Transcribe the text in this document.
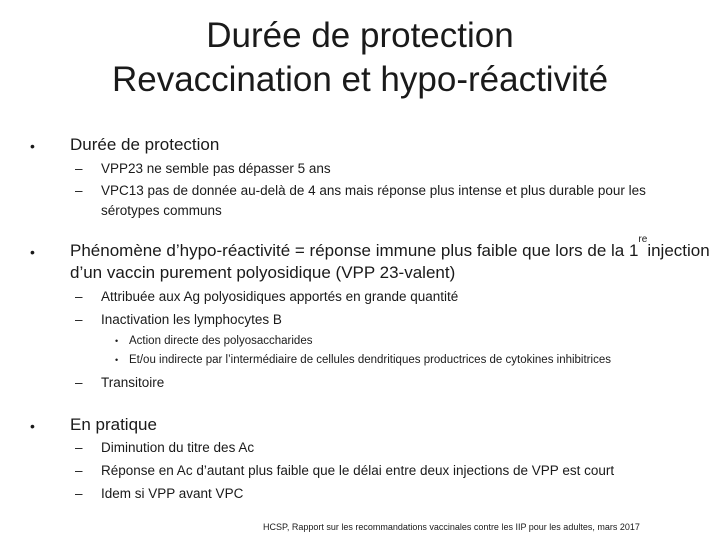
Durée de protection
Revaccination et hypo-réactivité
• Durée de protection
–	VPP23 ne semble pas dépasser 5 ans
–	VPC13 pas de donnée au-delà de 4 ans mais réponse plus intense et plus durable pour les
sérotypes communs
• Phénomène d’hypo-réactivité = réponse immune plus faible que lors de la 1
re
injection
d’un vaccin purement polyosidique (VPP 23-valent)
–	Attribuée aux Ag polyosidiques apportés en grande quantité
–	Inactivation les lymphocytes B
• Action directe des polyosaccharides
• Et/ou indirecte par l’intermédiaire de cellules dendritiques productrices de cytokines inhibitrices
–	Transitoire
• En pratique
–	Diminution du titre des Ac
–	Réponse en Ac d’autant plus faible que le délai entre deux injections de VPP est court
–	Idem si VPP avant VPC
HCSP, Rapport sur les recommandations vaccinales contre les IIP pour les adultes, mars 2017
